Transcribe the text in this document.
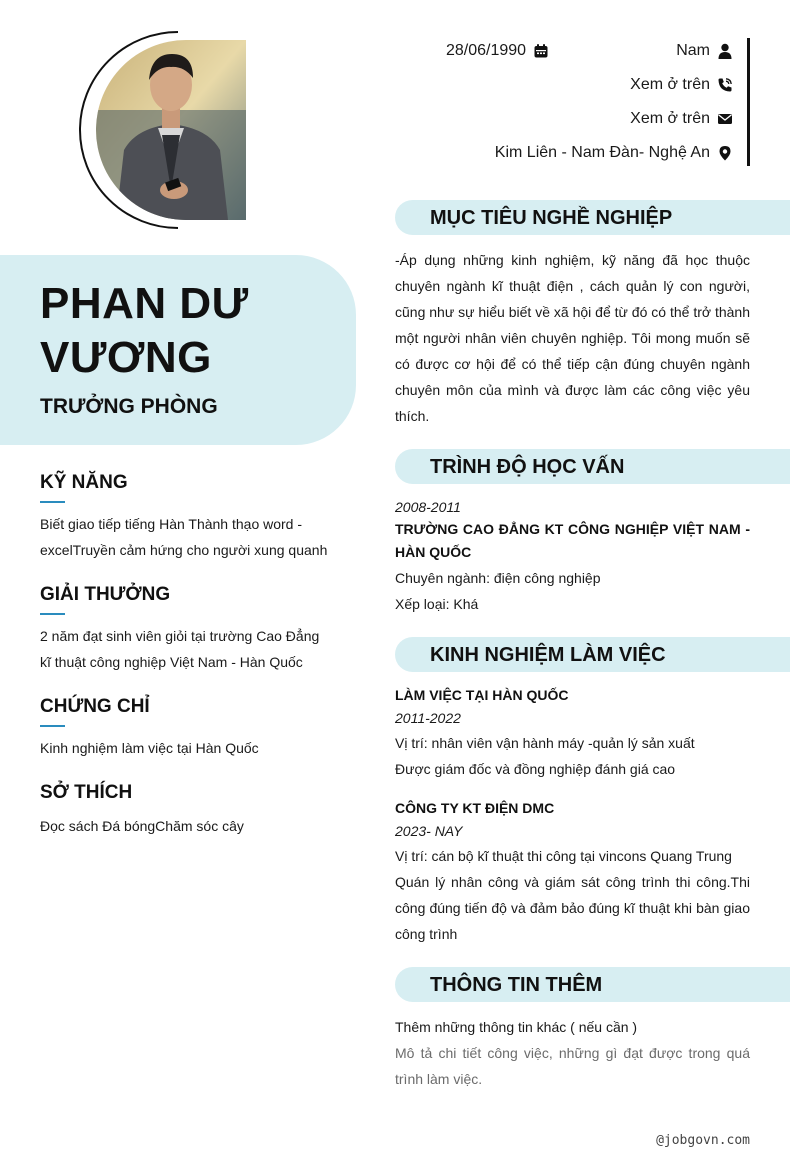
28/06/1990	Nam
Xem ở trên
Xem ở trên
Kim Liên - Nam Đàn- Nghệ An
PHAN DƯ
VƯƠNG
TRƯỞNG PHÒNG
KỸ NĂNG
Biết giao tiếp tiếng Hàn Thành thạo word - excelTruyền cảm hứng cho người xung quanh
GIẢI THƯỞNG
2 năm đạt sinh viên giỏi tại trường Cao Đẳng kĩ thuật công nghiệp Việt Nam - Hàn Quốc
CHỨNG CHỈ
Kinh nghiệm làm việc tại Hàn Quốc
SỞ THÍCH
Đọc sách Đá bóngChăm sóc cây
MỤC TIÊU NGHỀ NGHIỆP
-Áp dụng những kinh nghiệm, kỹ năng đã học thuộc chuyên ngành kĩ thuật điện , cách quản lý con người, cũng như sự hiểu biết về xã hội để từ đó có thể trở thành một người nhân viên chuyên nghiệp. Tôi mong muốn sẽ có được cơ hội để có thể tiếp cận đúng chuyên ngành chuyên môn của mình và được làm các công việc yêu thích.
TRÌNH ĐỘ HỌC VẤN
2008-2011
TRƯỜNG CAO ĐẲNG KT CÔNG NGHIỆP VIỆT NAM - HÀN QUỐC
Chuyên ngành: điện công nghiệp
Xếp loại: Khá
KINH NGHIỆM LÀM VIỆC
LÀM VIỆC TẠI HÀN QUỐC
2011-2022
Vị trí: nhân viên vận hành máy -quản lý sản xuất
Được giám đốc và đồng nghiệp đánh giá cao
CÔNG TY KT ĐIỆN DMC
2023- NAY
Vị trí: cán bộ kĩ thuật thi công tại vincons Quang Trung
Quán lý nhân công và giám sát công trình thi công.Thi công đúng tiến độ và đảm bảo đúng kĩ thuật khi bàn giao công trình
THÔNG TIN THÊM
Thêm những thông tin khác ( nếu cần )
Mô tả chi tiết công việc, những gì đạt được trong quá trình làm việc.
@jobgovn.com
